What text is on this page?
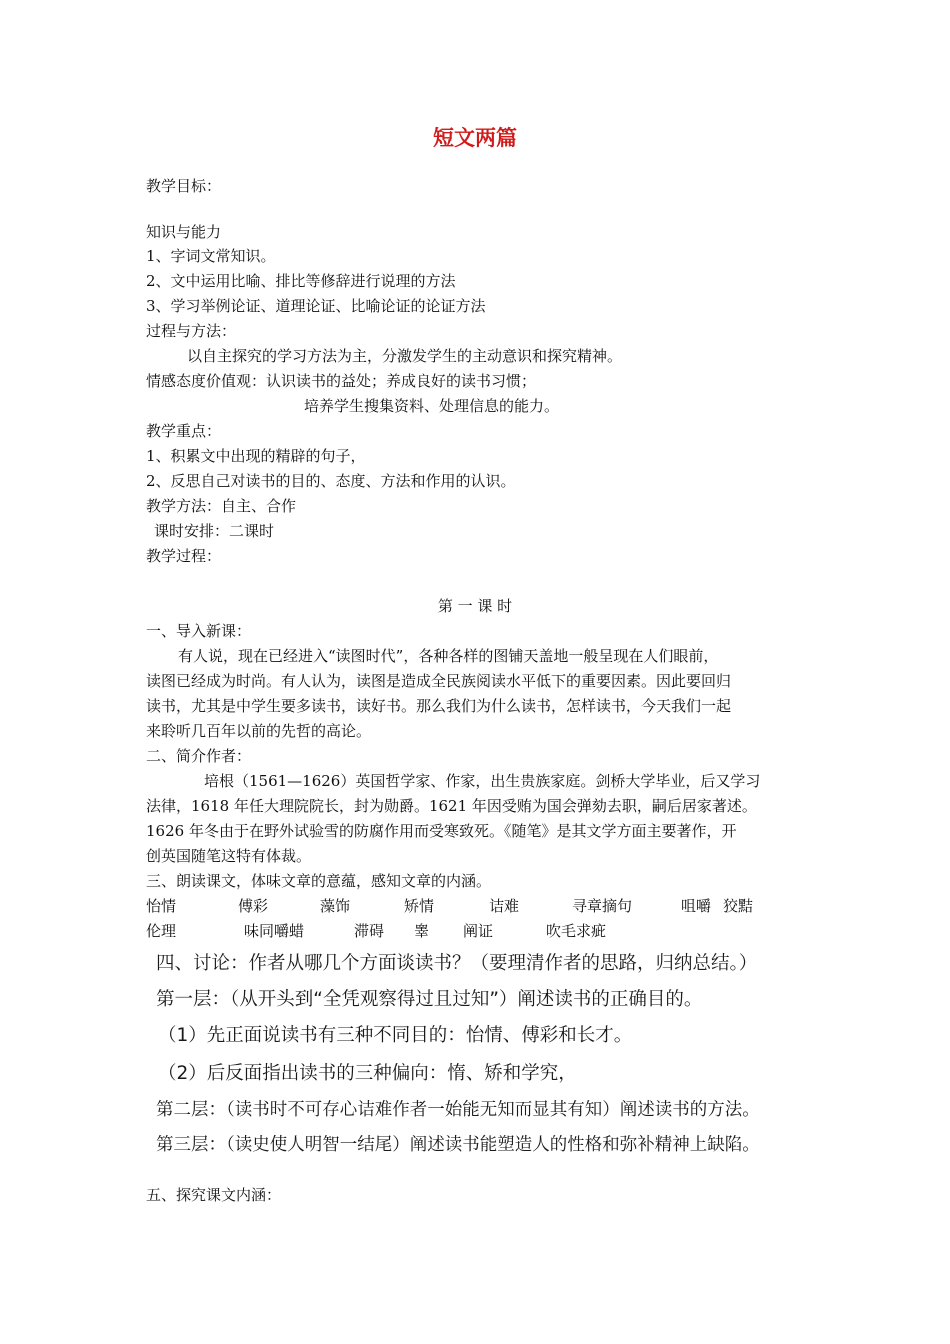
短文两篇
教学目标：
知识与能力
1、字词文常知识。
2、文中运用比喻、排比等修辞进行说理的方法
3、学习举例论证、道理论证、比喻论证的论证方法
过程与方法：
以自主探究的学习方法为主，分激发学生的主动意识和探究精神。
情感态度价值观：认识读书的益处；养成良好的读书习惯；
培养学生搜集资料、处理信息的能力。
教学重点：
1、积累文中出现的精辟的句子，
2、反思自己对读书的目的、态度、方法和作用的认识。
教学方法：自主、合作
课时安排：二课时
教学过程：
第 一 课 时
一、导入新课：
有人说，现在已经进入“读图时代”，各种各样的图铺天盖地一般呈现在人们眼前，
读图已经成为时尚。有人认为，读图是造成全民族阅读水平低下的重要因素。因此要回归
读书，尤其是中学生要多读书，读好书。那么我们为什么读书，怎样读书，今天我们一起
来聆听几百年以前的先哲的高论。
二、简介作者：
培根（1561—1626）英国哲学家、作家，出生贵族家庭。剑桥大学毕业，后又学习
法律，1618 年任大理院院长，封为勋爵。1621 年因受贿为国会弹劾去职，嗣后居家著述。
1626 年冬由于在野外试验雪的防腐作用而受寒致死。《随笔》是其文学方面主要著作，开
创英国随笔这特有体裁。
三、朗读课文，体味文章的意蕴，感知文章的内涵。
怡情	傅彩	藻饰	矫情	诘难	寻章摘句	咀嚼 狡黠
伦理	味同嚼蜡	滞碍 睾 阐证	吹毛求疵
四、讨论：作者从哪几个方面谈读书？（要理清作者的思路，归纳总结。）
第一层：（从开头到“全凭观察得过且过知”）阐述读书的正确目的。
（1）先正面说读书有三种不同目的：怡情、傅彩和长才。
（2）后反面指出读书的三种偏向：惰、矫和学究，
第二层：（读书时不可存心诘难作者一始能无知而显其有知）阐述读书的方法。
第三层：（读史使人明智一结尾）阐述读书能塑造人的性格和弥补精神上缺陷。
五、探究课文内涵：
